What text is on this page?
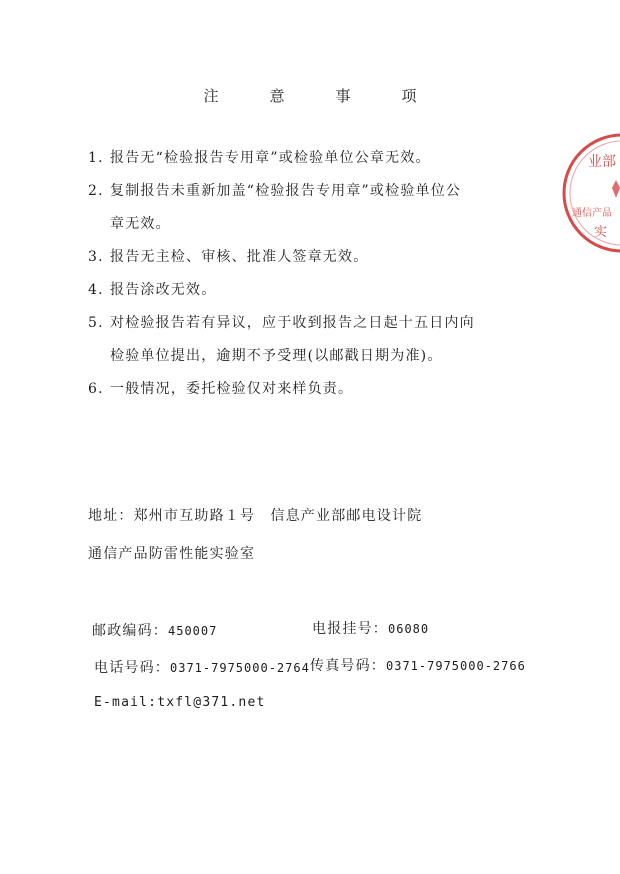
注　意　事　项
1. 报告无“检验报告专用章”或检验单位公章无效。
2. 复制报告未重新加盖“检验报告专用章”或检验单位公
章无效。
3. 报告无主检、审核、批准人签章无效。
4. 报告涂改无效。
5. 对检验报告若有异议，应于收到报告之日起十五日内向
检验单位提出，逾期不予受理(以邮戳日期为准)。
6. 一般情况，委托检验仅对来样负责。
地址：郑州市互助路１号　信息产业部邮电设计院
通信产品防雷性能实验室
邮政编码：450007	电报挂号：06080
电话号码：0371-7975000-2764 传真号码：0371-7975000-2766
E-mail:txfl@371.net
业部
通信产品
实
